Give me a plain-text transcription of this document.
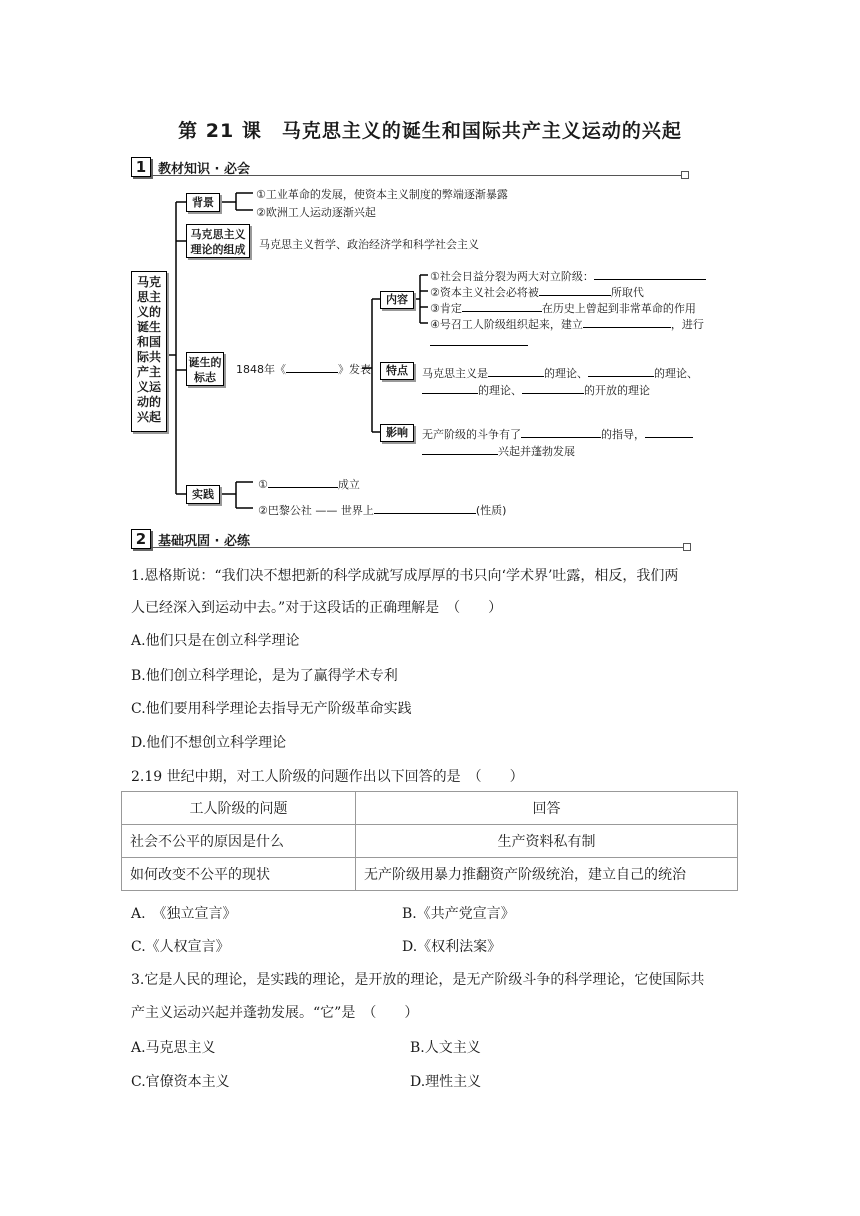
第 21 课　马克思主义的诞生和国际共产主义运动的兴起
1 教材知识 · 必会
马克
思主
义的
诞生
和国
际共
产主
义运
动的
兴起
背景
①工业革命的发展，使资本主义制度的弊端逐渐暴露
②欧洲工人运动逐渐兴起
马克思主义
理论的组成	马克思主义哲学、政治经济学和科学社会主义
诞生的
标志
1848年《	》发表
内容
①社会日益分裂为两大对立阶级：
②资本主义社会必将被	所取代
③肯定	在历史上曾起到非常革命的作用
④号召工人阶级组织起来，建立	，进行
特点	马克思主义是	的理论、	的理论、
的理论、	的开放的理论
影响	无产阶级的斗争有了	的指导，
兴起并蓬勃发展
实践
①	成立
②巴黎公社 —— 世界上	(性质)
2 基础巩固 · 必练
1.恩格斯说：“我们决不想把新的科学成就写成厚厚的书只向‘学术界’吐露，相反，我们两
人已经深入到运动中去。”对于这段话的正确理解是　（　　）
A.他们只是在创立科学理论
B.他们创立科学理论，是为了赢得学术专利
C.他们要用科学理论去指导无产阶级革命实践
D.他们不想创立科学理论
2.19 世纪中期，对工人阶级的问题作出以下回答的是　（　　）
工人阶级的问题	回答
社会不公平的原因是什么	生产资料私有制
如何改变不公平的现状	无产阶级用暴力推翻资产阶级统治，建立自己的统治
A.　《独立宣言》	B.《共产党宣言》
C.《人权宣言》	D.《权利法案》
3.它是人民的理论，是实践的理论，是开放的理论，是无产阶级斗争的科学理论，它使国际共
产主义运动兴起并蓬勃发展。“它”是　（　　）
A.马克思主义	B.人文主义
C.官僚资本主义	D.理性主义
